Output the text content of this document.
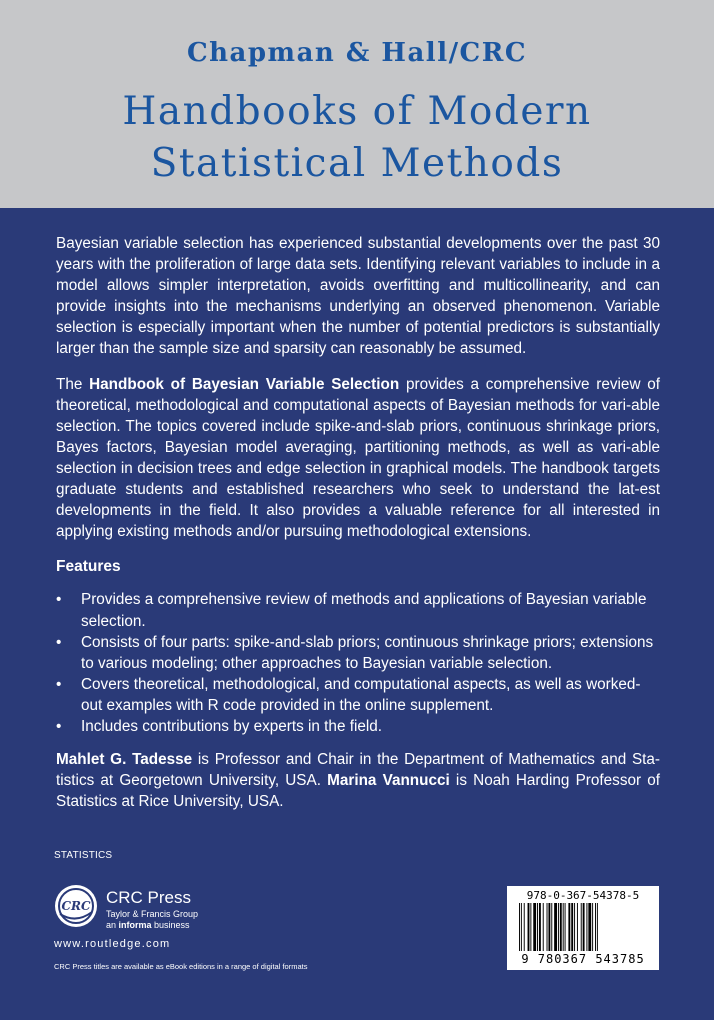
Chapman & Hall/CRC
Handbooks of Modern
Statistical Methods

Bayesian variable selection has experienced substantial developments over the past 30 years with the proliferation of large data sets. Identifying relevant variables to include in a model allows simpler interpretation, avoids overfitting and multicollinearity, and can provide insights into the mechanisms underlying an observed phenomenon. Variable selection is especially important when the number of potential predictors is substantially larger than the sample size and sparsity can reasonably be assumed.

The Handbook of Bayesian Variable Selection provides a comprehensive review of theoretical, methodological and computational aspects of Bayesian methods for vari-able selection. The topics covered include spike-and-slab priors, continuous shrinkage priors, Bayes factors, Bayesian model averaging, partitioning methods, as well as vari-able selection in decision trees and edge selection in graphical models. The handbook targets graduate students and established researchers who seek to understand the lat-est developments in the field. It also provides a valuable reference for all interested in applying existing methods and/or pursuing methodological extensions.

Features
• Provides a comprehensive review of methods and applications of Bayesian variable selection.
• Consists of four parts: spike-and-slab priors; continuous shrinkage priors; extensions to various modeling; other approaches to Bayesian variable selection.
• Covers theoretical, methodological, and computational aspects, as well as worked-out examples with R code provided in the online supplement.
• Includes contributions by experts in the field.

Mahlet G. Tadesse is Professor and Chair in the Department of Mathematics and Sta-tistics at Georgetown University, USA. Marina Vannucci is Noah Harding Professor of Statistics at Rice University, USA.

STATISTICS
CRC CRC Press
Taylor & Francis Group
an informa business
www.routledge.com
CRC Press titles are available as eBook editions in a range of digital formats
978-0-367-54378-5
9 780367 543785
